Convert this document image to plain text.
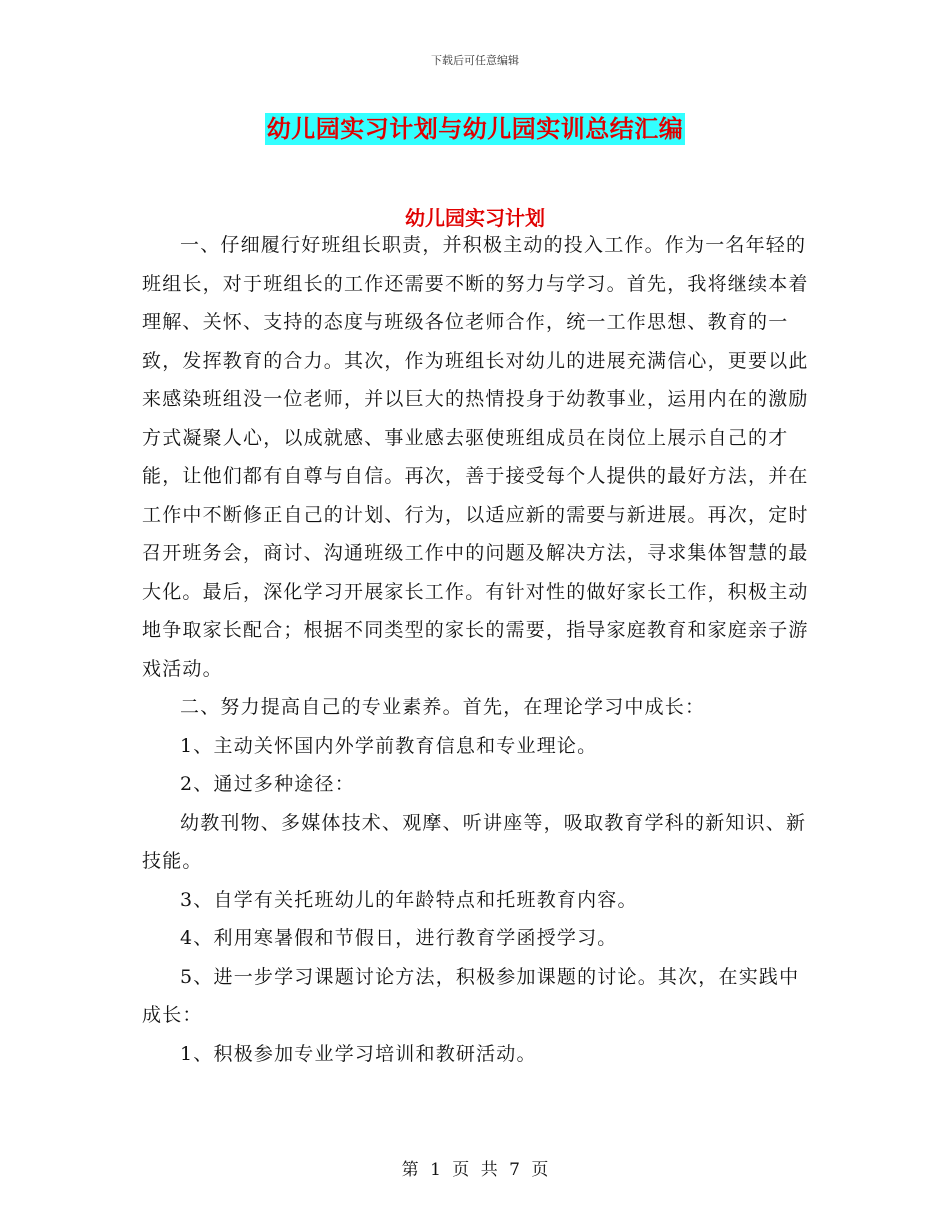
下载后可任意编辑
幼儿园实习计划与幼儿园实训总结汇编
幼儿园实习计划

一、仔细履行好班组长职责，并积极主动的投入工作。作为一名年轻的班组长，对于班组长的工作还需要不断的努力与学习。首先，我将继续本着理解、关怀、支持的态度与班级各位老师合作，统一工作思想、教育的一致，发挥教育的合力。其次，作为班组长对幼儿的进展充满信心，更要以此来感染班组没一位老师，并以巨大的热情投身于幼教事业，运用内在的激励方式凝聚人心，以成就感、事业感去驱使班组成员在岗位上展示自己的才能，让他们都有自尊与自信。再次，善于接受每个人提供的最好方法，并在工作中不断修正自己的计划、行为，以适应新的需要与新进展。再次，定时召开班务会，商讨、沟通班级工作中的问题及解决方法，寻求集体智慧的最大化。最后，深化学习开展家长工作。有针对性的做好家长工作，积极主动地争取家长配合；根据不同类型的家长的需要，指导家庭教育和家庭亲子游戏活动。

二、努力提高自己的专业素养。首先，在理论学习中成长：

1、主动关怀国内外学前教育信息和专业理论。

2、通过多种途径：

幼教刊物、多媒体技术、观摩、听讲座等，吸取教育学科的新知识、新技能。

3、自学有关托班幼儿的年龄特点和托班教育内容。

4、利用寒暑假和节假日，进行教育学函授学习。

5、进一步学习课题讨论方法，积极参加课题的讨论。其次，在实践中成长：

1、积极参加专业学习培训和教研活动。

第 1 页 共 7 页
